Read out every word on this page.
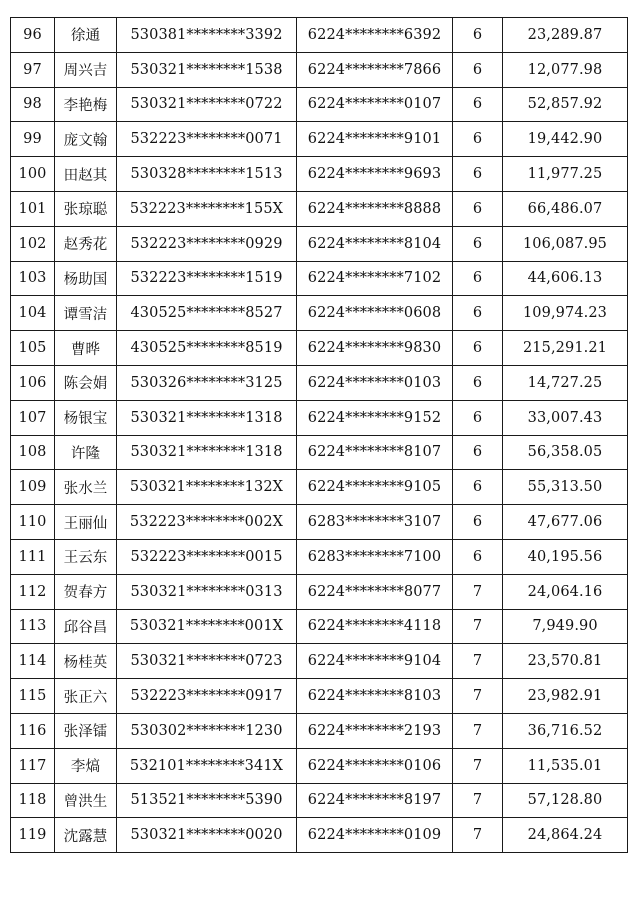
96	徐通	530381********3392	6224********6392	6	23,289.87
97	周兴吉	530321********1538	6224********7866	6	12,077.98
98	李艳梅	530321********0722	6224********0107	6	52,857.92
99	庞文翰	532223********0071	6224********9101	6	19,442.90
100	田赵其	530328********1513	6224********9693	6	11,977.25
101	张琼聪	532223********155X	6224********8888	6	66,486.07
102	赵秀花	532223********0929	6224********8104	6	106,087.95
103	杨助国	532223********1519	6224********7102	6	44,606.13
104	谭雪洁	430525********8527	6224********0608	6	109,974.23
105	曹晔	430525********8519	6224********9830	6	215,291.21
106	陈会娟	530326********3125	6224********0103	6	14,727.25
107	杨银宝	530321********1318	6224********9152	6	33,007.43
108	许隆	530321********1318	6224********8107	6	56,358.05
109	张水兰	530321********132X	6224********9105	6	55,313.50
110	王丽仙	532223********002X	6283********3107	6	47,677.06
111	王云东	532223********0015	6283********7100	6	40,195.56
112	贺春方	530321********0313	6224********8077	7	24,064.16
113	邱谷昌	530321********001X	6224********4118	7	7,949.90
114	杨桂英	530321********0723	6224********9104	7	23,570.81
115	张正六	532223********0917	6224********8103	7	23,982.91
116	张泽镭	530302********1230	6224********2193	7	36,716.52
117	李熇	532101********341X	6224********0106	7	11,535.01
118	曾洪生	513521********5390	6224********8197	7	57,128.80
119	沈露慧	530321********0020	6224********0109	7	24,864.24
